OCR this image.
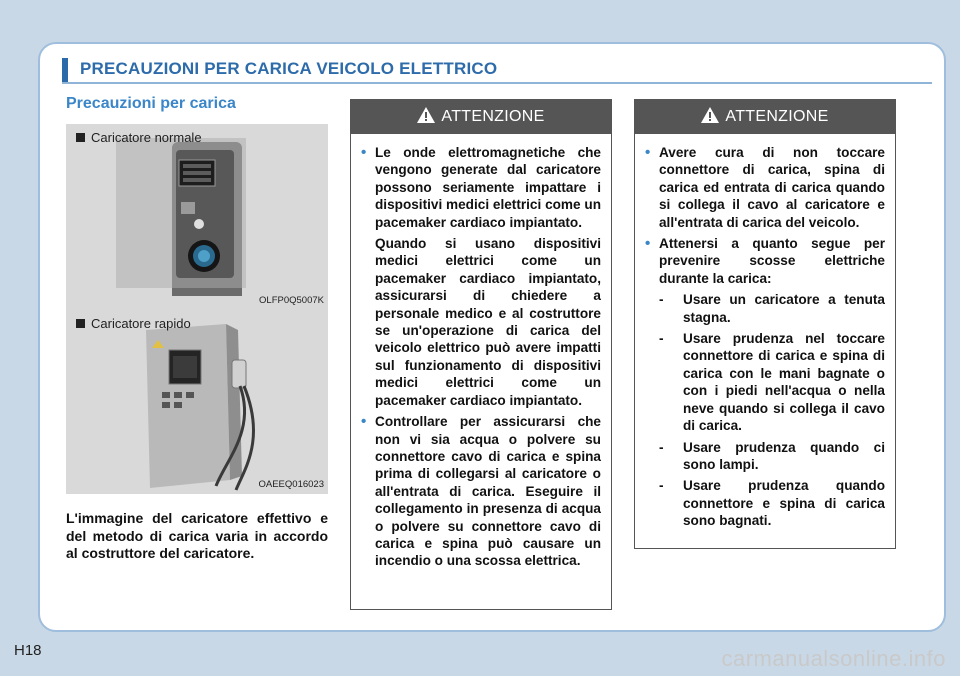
PRECAUZIONI PER CARICA VEICOLO ELETTRICO
Precauzioni per carica
Caricatore normale
OLFP0Q5007K
Caricatore rapido
OAEEQ016023
L'immagine del caricatore effettivo e del metodo di carica varia in accordo al costruttore del caricatore.
ATTENZIONE
• Le onde elettromagnetiche che vengono generate dal caricatore possono seriamente impattare i dispositivi medici elettrici come un pacemaker cardiaco impiantato.

Quando si usano dispositivi medici elettrici come un pacemaker cardiaco impiantato, assicurarsi di chiedere a personale medico e al costruttore se un'operazione di carica del veicolo elettrico può avere impatti sul funzionamento di dispositivi medici elettrici come un pacemaker cardiaco impiantato.

• Controllare per assicurarsi che non vi sia acqua o polvere su connettore cavo di carica e spina prima di collegarsi al caricatore o all'entrata di carica. Eseguire il collegamento in presenza di acqua o polvere su connettore cavo di carica e spina può causare un incendio o una scossa elettrica.
ATTENZIONE
• Avere cura di non toccare connettore di carica, spina di carica ed entrata di carica quando si collega il cavo al caricatore e all'entrata di carica del veicolo.
• Attenersi a quanto segue per prevenire scosse elettriche durante la carica:
- Usare un caricatore a tenuta stagna.
- Usare prudenza nel toccare connettore di carica e spina di carica con le mani bagnate o con i piedi nell'acqua o nella neve quando si collega il cavo di carica.
- Usare prudenza quando ci sono lampi.
- Usare prudenza quando connettore e spina di carica sono bagnati.
H18	carmanualsonline.info
